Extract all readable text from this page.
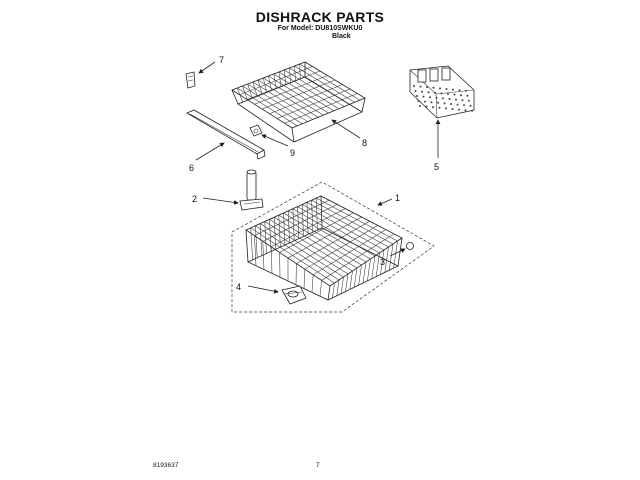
DISHRACK PARTS
For Model: DU810SWKU0
Black
7
6
9
8
5
2	1
3
4
8193637	7
